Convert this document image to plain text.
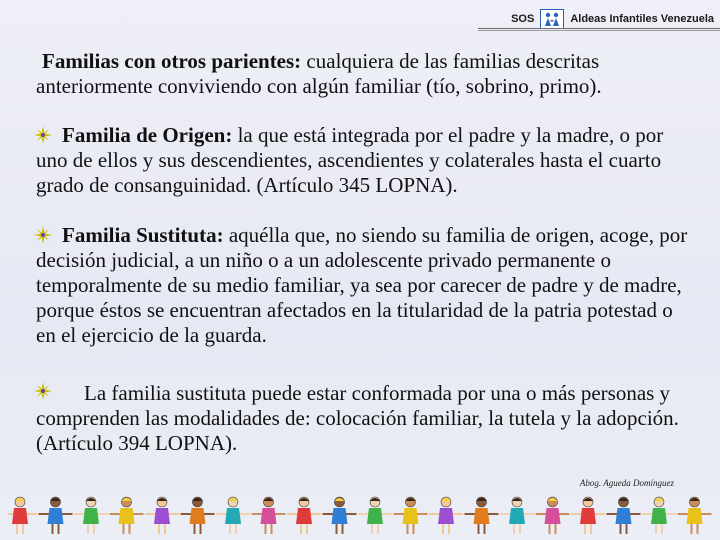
SOS	Aldeas Infantiles Venezuela
Familias con otros parientes: cualquiera de las familias descritas anteriormente conviviendo con algún familiar (tío, sobrino, primo).
Familia de Origen: la que está integrada por el padre y la madre, o por uno de ellos y sus descendientes, ascendientes y colaterales hasta el cuarto grado de consanguinidad. (Artículo 345 LOPNA).
Familia Sustituta: aquélla que, no siendo su familia de origen, acoge, por decisión judicial, a un niño o a un adolescente privado permanente o temporalmente de su medio familiar, ya sea por carecer de padre y de madre, porque éstos se encuentran afectados en la titularidad de la patria potestad o en el ejercicio de la guarda.
La familia sustituta puede estar conformada por una o más personas y comprenden las modalidades de: colocación familiar, la tutela y la adopción. (Artículo 394 LOPNA).
Abog. Agueda Domínguez
